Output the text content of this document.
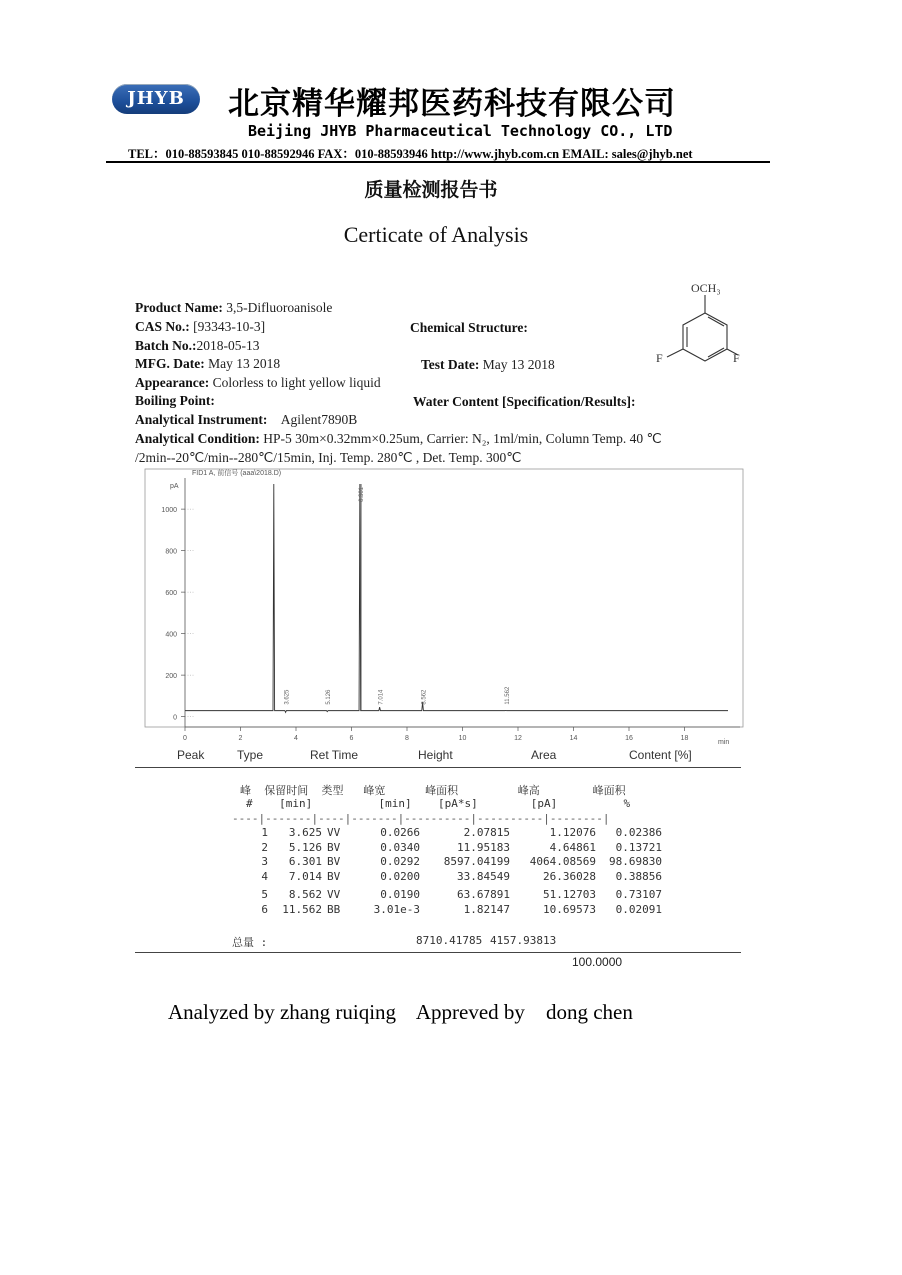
JHYB	北京精华耀邦医药科技有限公司
Beijing JHYB Pharmaceutical Technology CO., LTD
TEL：010-88593845 010-88592946 FAX：010-88593946 http://www.jhyb.com.cn EMAIL: sales@jhyb.net
质量检测报告书
Certicate of Analysis
Product Name: 3,5-Difluoroanisole
CAS No.: [93343-10-3]	Chemical Structure:
Batch No.:2018-05-13
MFG. Date: May 13 2018	Test Date: May 13 2018
Appearance: Colorless to light yellow liquid
Boiling Point:	Water Content [Specification/Results]:
Analytical Instrument: Agilent7890B
Analytical Condition: HP-5 30m×0.32mm×0.25um, Carrier: N₂, 1ml/min, Column Temp. 40 ℃
/2min--20℃/min--280℃/15min, Inj. Temp. 280℃ , Det. Temp. 300℃
OCH₃
F	F
FID1 A, 前信号 (aaa\2018.D)
pA
min
0
200
400
600
800
1000
0	2	4	6	8	10	12	14	16	18
3.625	5.126
6.301
7.014	8.562	11.562
Peak	Type	Ret Time	Height	Area	Content [%]
峰  保留时间  类型   峰宽      峰面积         峰高        峰面积
#    [min]          [min]    [pA*s]        [pA]          %
----|-------|----|-------|----------|----------|--------|
1	3.625 VV	0.0266	2.07815	1.12076	0.02386
2	5.126 BV	0.0340	11.95183	4.64861	0.13721
3	6.301 BV	0.0292	8597.04199	4064.08569	98.69830
4	7.014 BV	0.0200	33.84549	26.36028	0.38856
5	8.562 VV	0.0190	63.67891	51.12703	0.73107
6	11.562 BB	3.01e-3	1.82147	10.69573	0.02091
总量 :	8710.41785 4157.93813
100.0000
Analyzed by zhang ruiqing Appreved by dong chen
